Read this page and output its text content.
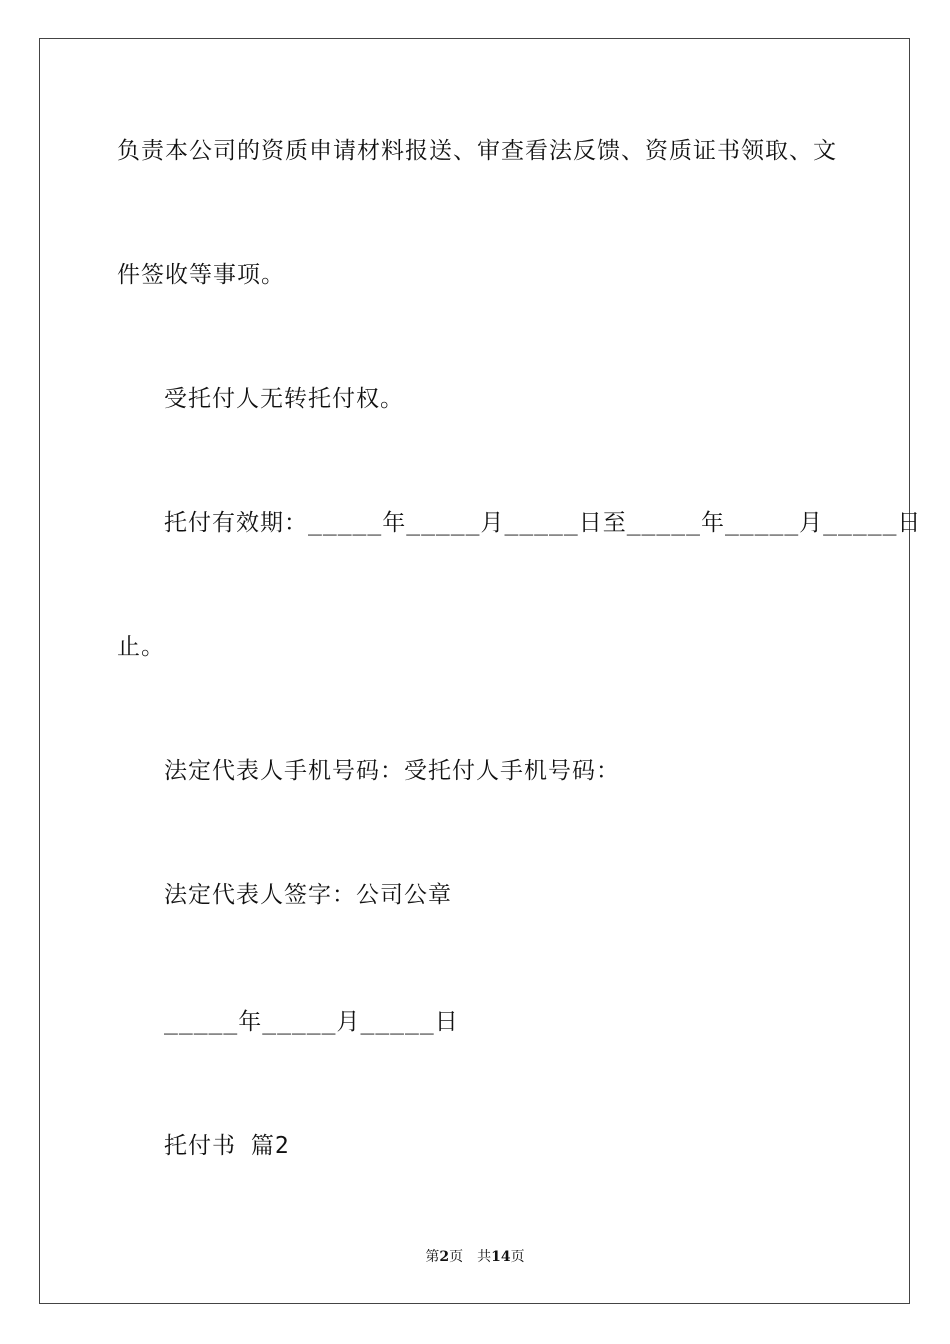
负责本公司的资质申请材料报送、审查看法反馈、资质证书领取、文
件签收等事项。
受托付人无转托付权。
托付有效期：_____年_____月_____日至_____年_____月_____日
止。
法定代表人手机号码：受托付人手机号码：
法定代表人签字：公司公章
_____年_____月_____日
托付书 篇2
第2页 共14页
